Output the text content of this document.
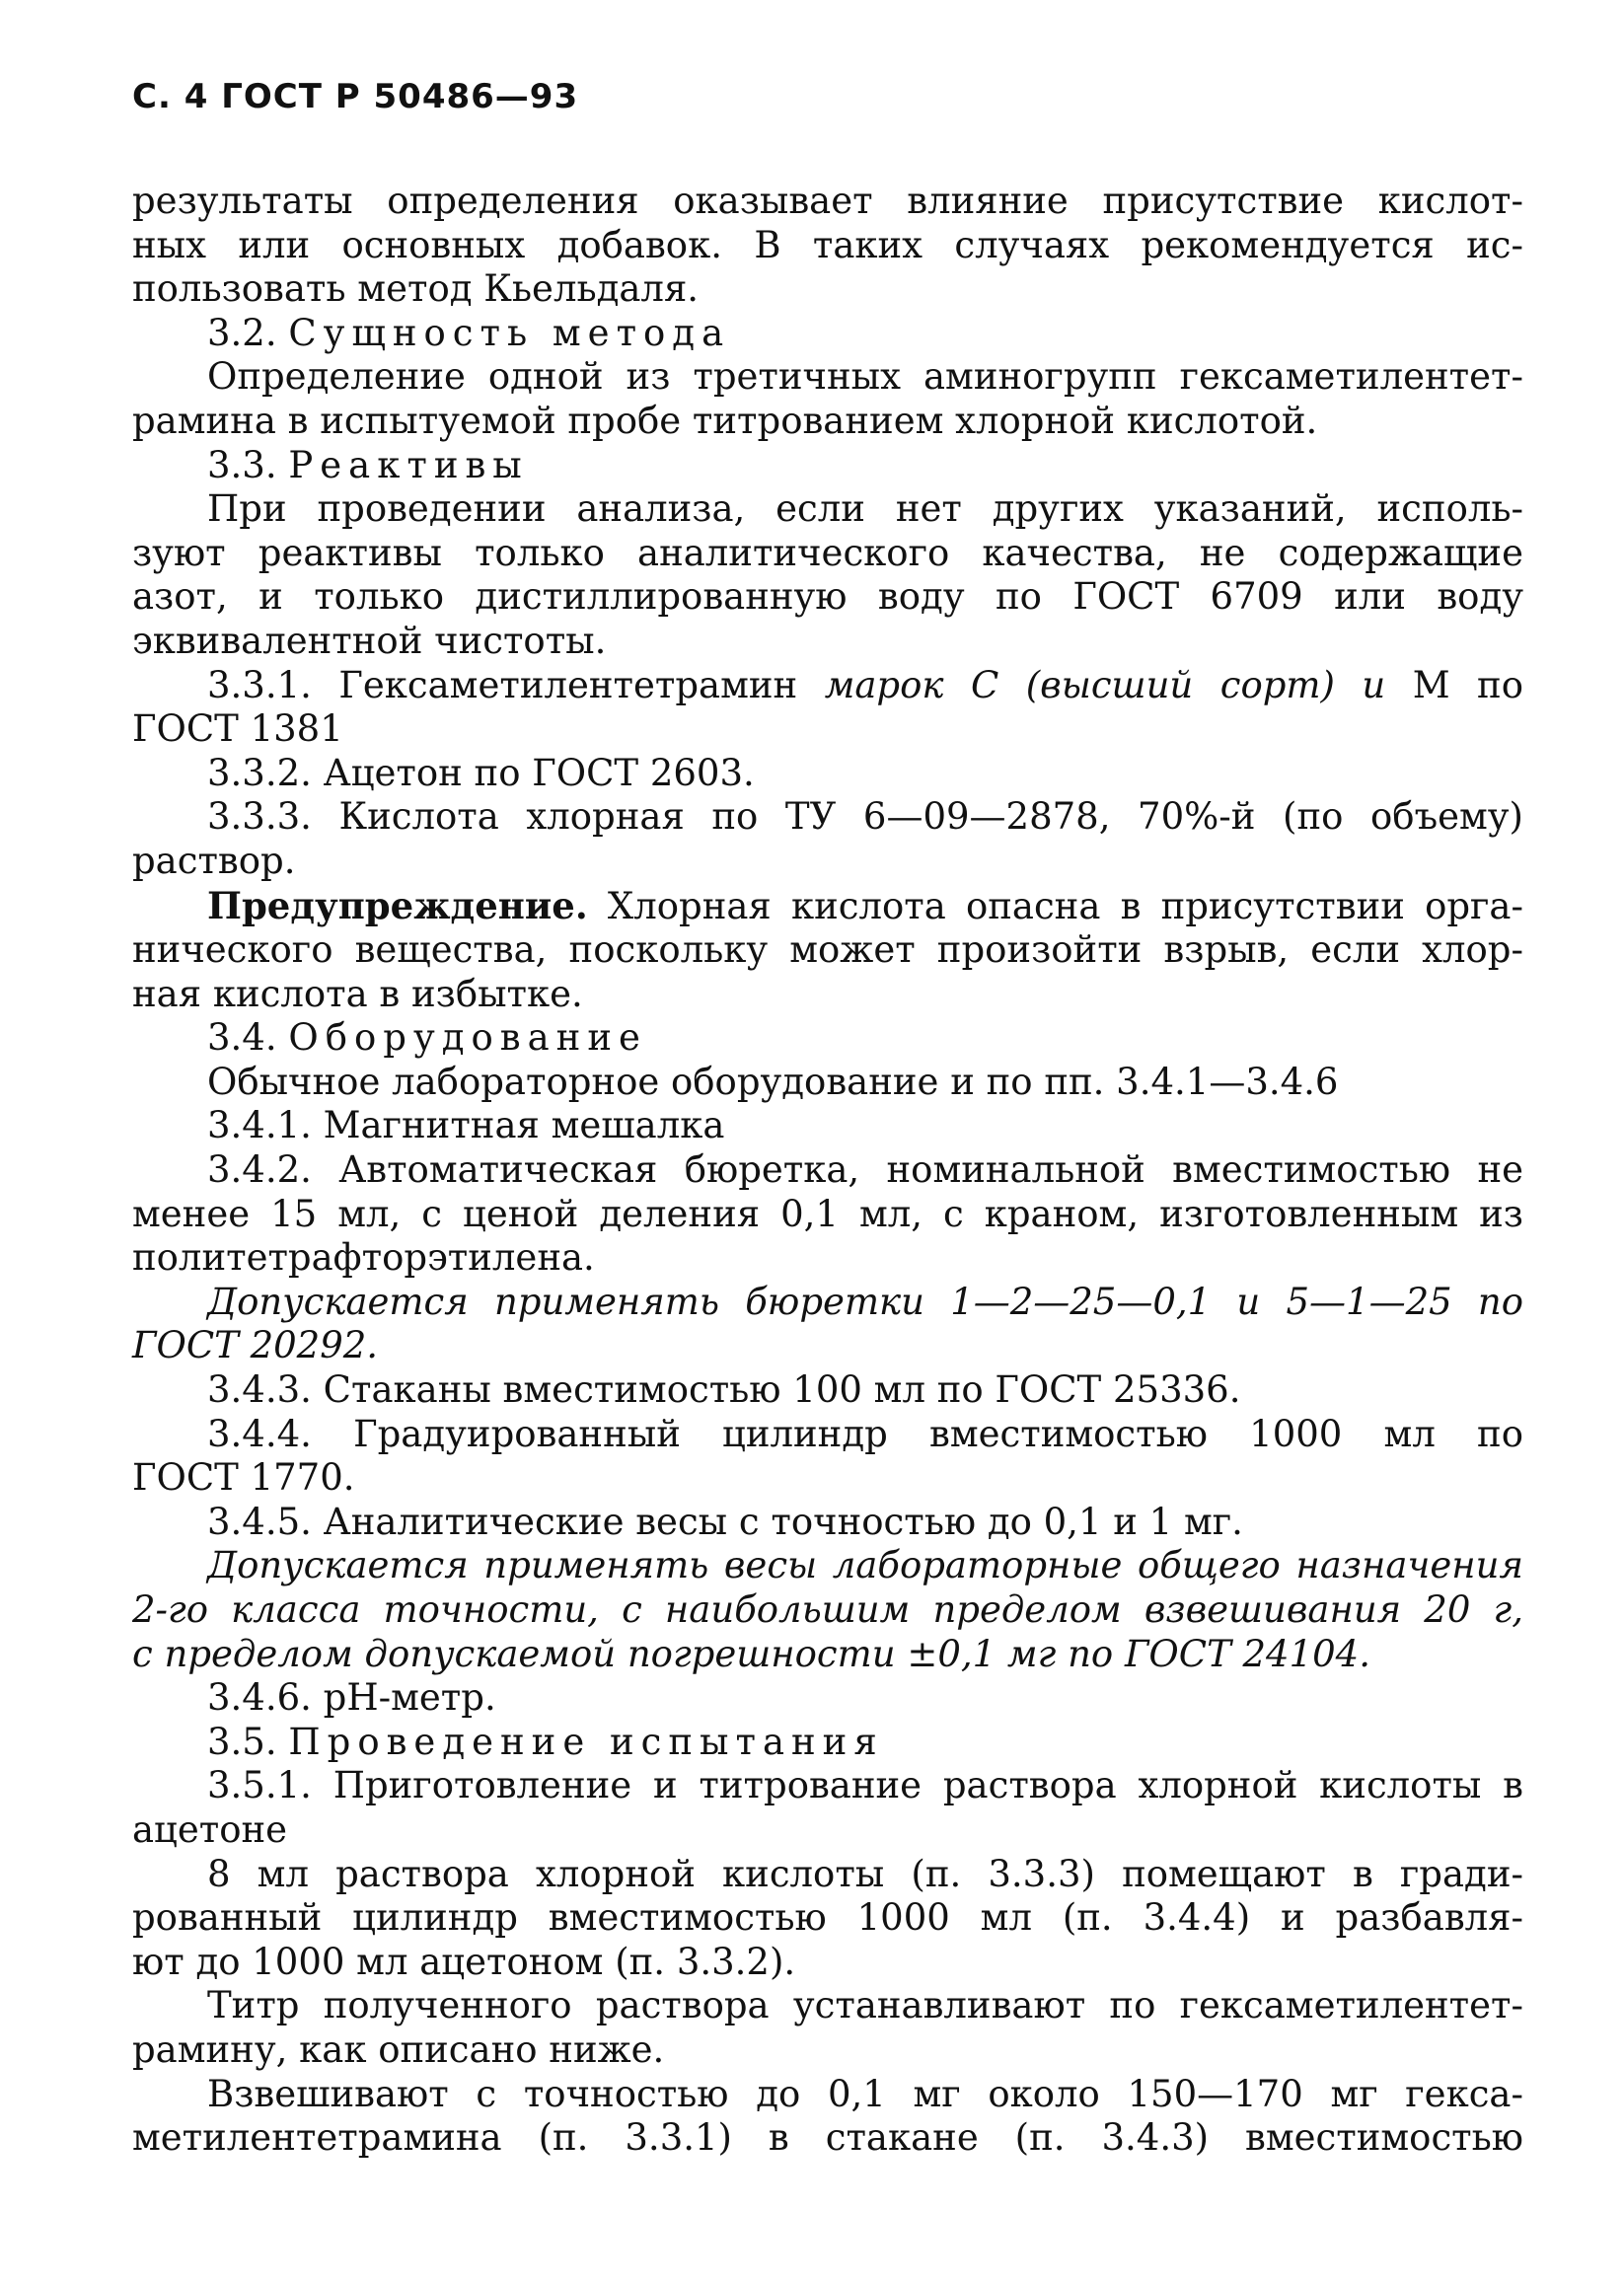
С. 4 ГОСТ Р 50486—93
результаты определения оказывает влияние присутствие кислот-
ных или основных добавок. В таких случаях рекомендуется ис-
пользовать метод Кьельдаля.
3.2. Сущность метода
Определение одной из третичных аминогрупп гексаметилентет-
рамина в испытуемой пробе титрованием хлорной кислотой.
3.3. Реактивы
При проведении анализа, если нет других указаний, исполь-
зуют реактивы только аналитического качества, не содержащие
азот, и только дистиллированную воду по ГОСТ 6709 или воду
эквивалентной чистоты.
3.3.1. Гексаметилентетрамин марок С (высший сорт) и М по
ГОСТ 1381
3.3.2. Ацетон по ГОСТ 2603.
3.3.3. Кислота хлорная по ТУ 6—09—2878, 70%-й (по объему)
раствор.
Предупреждение. Хлорная кислота опасна в присутствии орга-
нического вещества, поскольку может произойти взрыв, если хлор-
ная кислота в избытке.
3.4. Оборудование
Обычное лабораторное оборудование и по пп. 3.4.1—3.4.6
3.4.1. Магнитная мешалка
3.4.2. Автоматическая бюретка, номинальной вместимостью не
менее 15 мл, с ценой деления 0,1 мл, с краном, изготовленным из
политетрафторэтилена.
Допускается применять бюретки 1—2—25—0,1 и 5—1—25 по
ГОСТ 20292.
3.4.3. Стаканы вместимостью 100 мл по ГОСТ 25336.
3.4.4. Градуированный цилиндр вместимостью 1000 мл по
ГОСТ 1770.
3.4.5. Аналитические весы с точностью до 0,1 и 1 мг.
Допускается применять весы лабораторные общего назначения
2-го класса точности, с наибольшим пределом взвешивания 20 г,
с пределом допускаемой погрешности ±0,1 мг по ГОСТ 24104.
3.4.6. рН-метр.
3.5. Проведение испытания
3.5.1. Приготовление и титрование раствора хлорной кислоты в
ацетоне
8 мл раствора хлорной кислоты (п. 3.3.3) помещают в гради-
рованный цилиндр вместимостью 1000 мл (п. 3.4.4) и разбавля-
ют до 1000 мл ацетоном (п. 3.3.2).
Титр полученного раствора устанавливают по гексаметилентет-
рамину, как описано ниже.
Взвешивают с точностью до 0,1 мг около 150—170 мг гекса-
метилентетрамина (п. 3.3.1) в стакане (п. 3.4.3) вместимостью
